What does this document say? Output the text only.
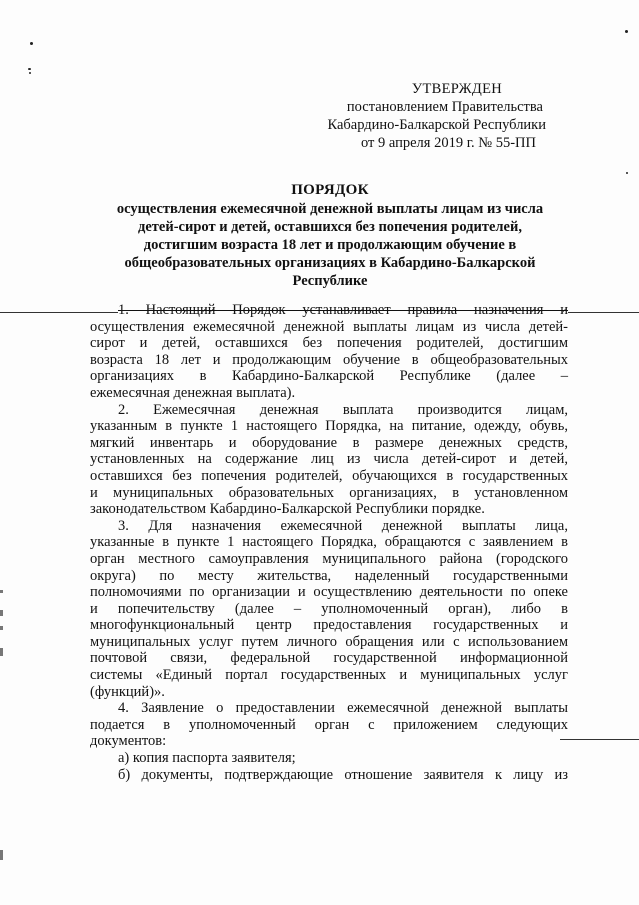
УТВЕРЖДЕН
постановлением Правительства
Кабардино-Балкарской Республики
от 9 апреля 2019 г. № 55-ПП
ПОРЯДОК
осуществления ежемесячной денежной выплаты лицам из числа
детей-сирот и детей, оставшихся без попечения родителей,
достигшим возраста 18 лет и продолжающим обучение в
общеобразовательных организациях в Кабардино-Балкарской
Республике
1. Настоящий Порядок устанавливает правила назначения и
осуществления ежемесячной денежной выплаты лицам из числа детей-
сирот и детей, оставшихся без попечения родителей, достигшим
возраста 18 лет и продолжающим обучение в общеобразовательных
организациях в Кабардино-Балкарской Республике (далее –
ежемесячная денежная выплата).
2. Ежемесячная денежная выплата производится лицам,
указанным в пункте 1 настоящего Порядка, на питание, одежду, обувь,
мягкий инвентарь и оборудование в размере денежных средств,
установленных на содержание лиц из числа детей-сирот и детей,
оставшихся без попечения родителей, обучающихся в государственных
и муниципальных образовательных организациях, в установленном
законодательством Кабардино-Балкарской Республики порядке.
3. Для назначения ежемесячной денежной выплаты лица,
указанные в пункте 1 настоящего Порядка, обращаются с заявлением в
орган местного самоуправления муниципального района (городского
округа) по месту жительства, наделенный государственными
полномочиями по организации и осуществлению деятельности по опеке
и попечительству (далее – уполномоченный орган), либо в
многофункциональный центр предоставления государственных и
муниципальных услуг путем личного обращения или с использованием
почтовой связи, федеральной государственной информационной
системы «Единый портал государственных и муниципальных услуг
(функций)».
4. Заявление о предоставлении ежемесячной денежной выплаты
подается в уполномоченный орган с приложением следующих
документов:
а) копия паспорта заявителя;
б) документы, подтверждающие отношение заявителя к лицу из
